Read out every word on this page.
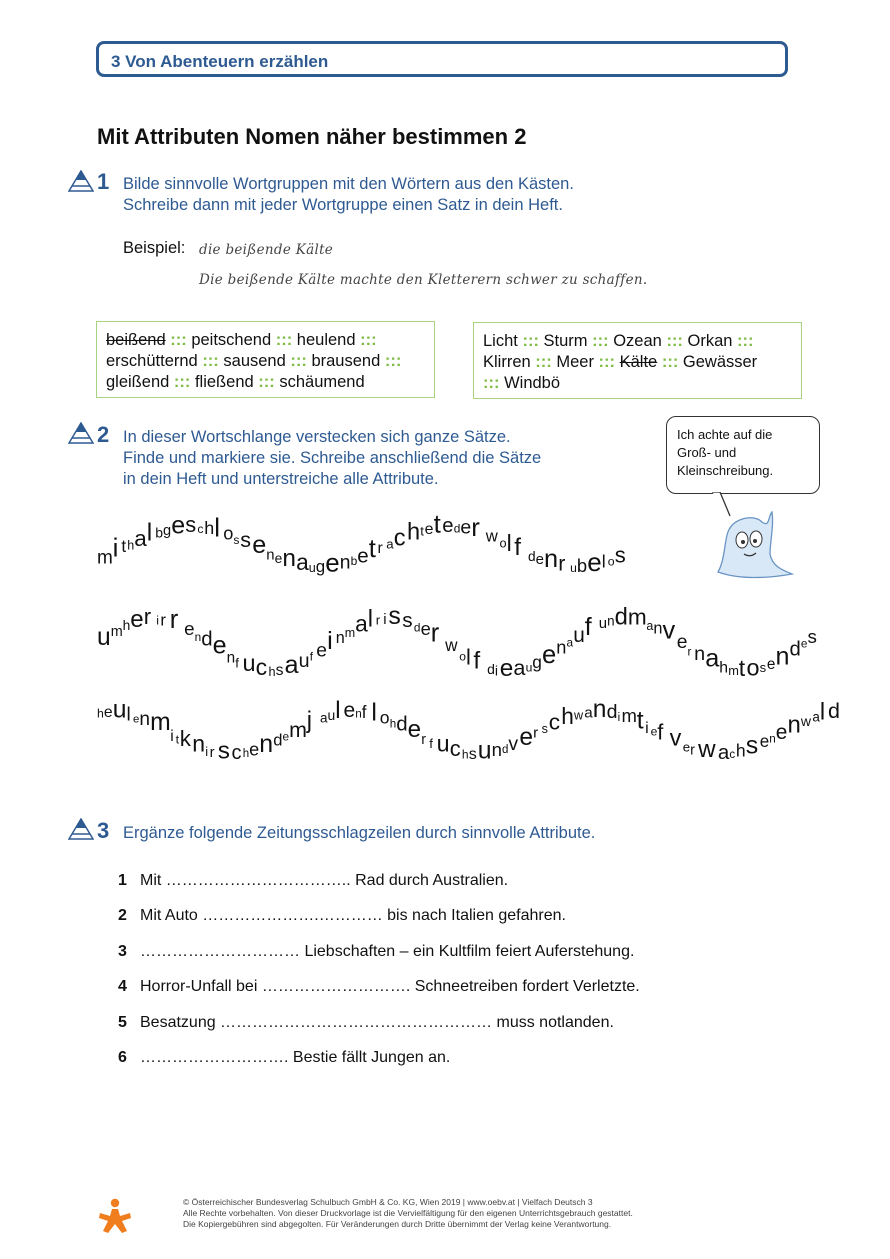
3 Von Abenteuern erzählen
Mit Attributen Nomen näher bestimmen 2
1 Bilde sinnvolle Wortgruppen mit den Wörtern aus den Kästen.
Schreibe dann mit jeder Wortgruppe einen Satz in dein Heft.
Beispiel: die beißende Kälte
Die beißende Kälte machte den Kletterern schwer zu schaffen.
beißend ::: peitschend ::: heulend :::
erschütternd ::: sausend ::: brausend :::
gleißend ::: fließend ::: schäumend
Licht ::: Sturm ::: Ozean ::: Orkan :::
Klirren ::: Meer ::: Kälte ::: Gewässer
::: Windbö
2 In dieser Wortschlange verstecken sich ganze Sätze.
Finde und markiere sie. Schreibe anschließend die Sätze
in dein Heft und unterstreiche alle Attribute.
Ich achte auf die
Groß- und
Kleinschreibung.
mi thal bgeschl ossenenaugenbetr achteteder w ol f denr ubel os
umher ir r endenf uchsauf ei nmal r issder wol f dieaugenauf undmanver nahmtosendes
heul enmi tkni r schendemj aul enf l ohder f uchsundver schwandimti ef ver w achsenenwal d
3 Ergänze folgende Zeitungsschlagzeilen durch sinnvolle Attribute.
1 Mit …………………………….. Rad durch Australien.
2 Mit Auto ………………….………… bis nach Italien gefahren.
3 ………………………… Liebschaften – ein Kultfilm feiert Auferstehung.
4 Horror-Unfall bei ………………………. Schneetreiben fordert Verletzte.
5 Besatzung …………………………………………… muss notlanden.
6 ………………………. Bestie fällt Jungen an.
© Österreichischer Bundesverlag Schulbuch GmbH & Co. KG, Wien 2019 | www.oebv.at | Vielfach Deutsch 3
Alle Rechte vorbehalten. Von dieser Druckvorlage ist die Vervielfältigung für den eigenen Unterrichtsgebrauch gestattet.
Die Kopiergebühren sind abgegolten. Für Veränderungen durch Dritte übernimmt der Verlag keine Verantwortung.
